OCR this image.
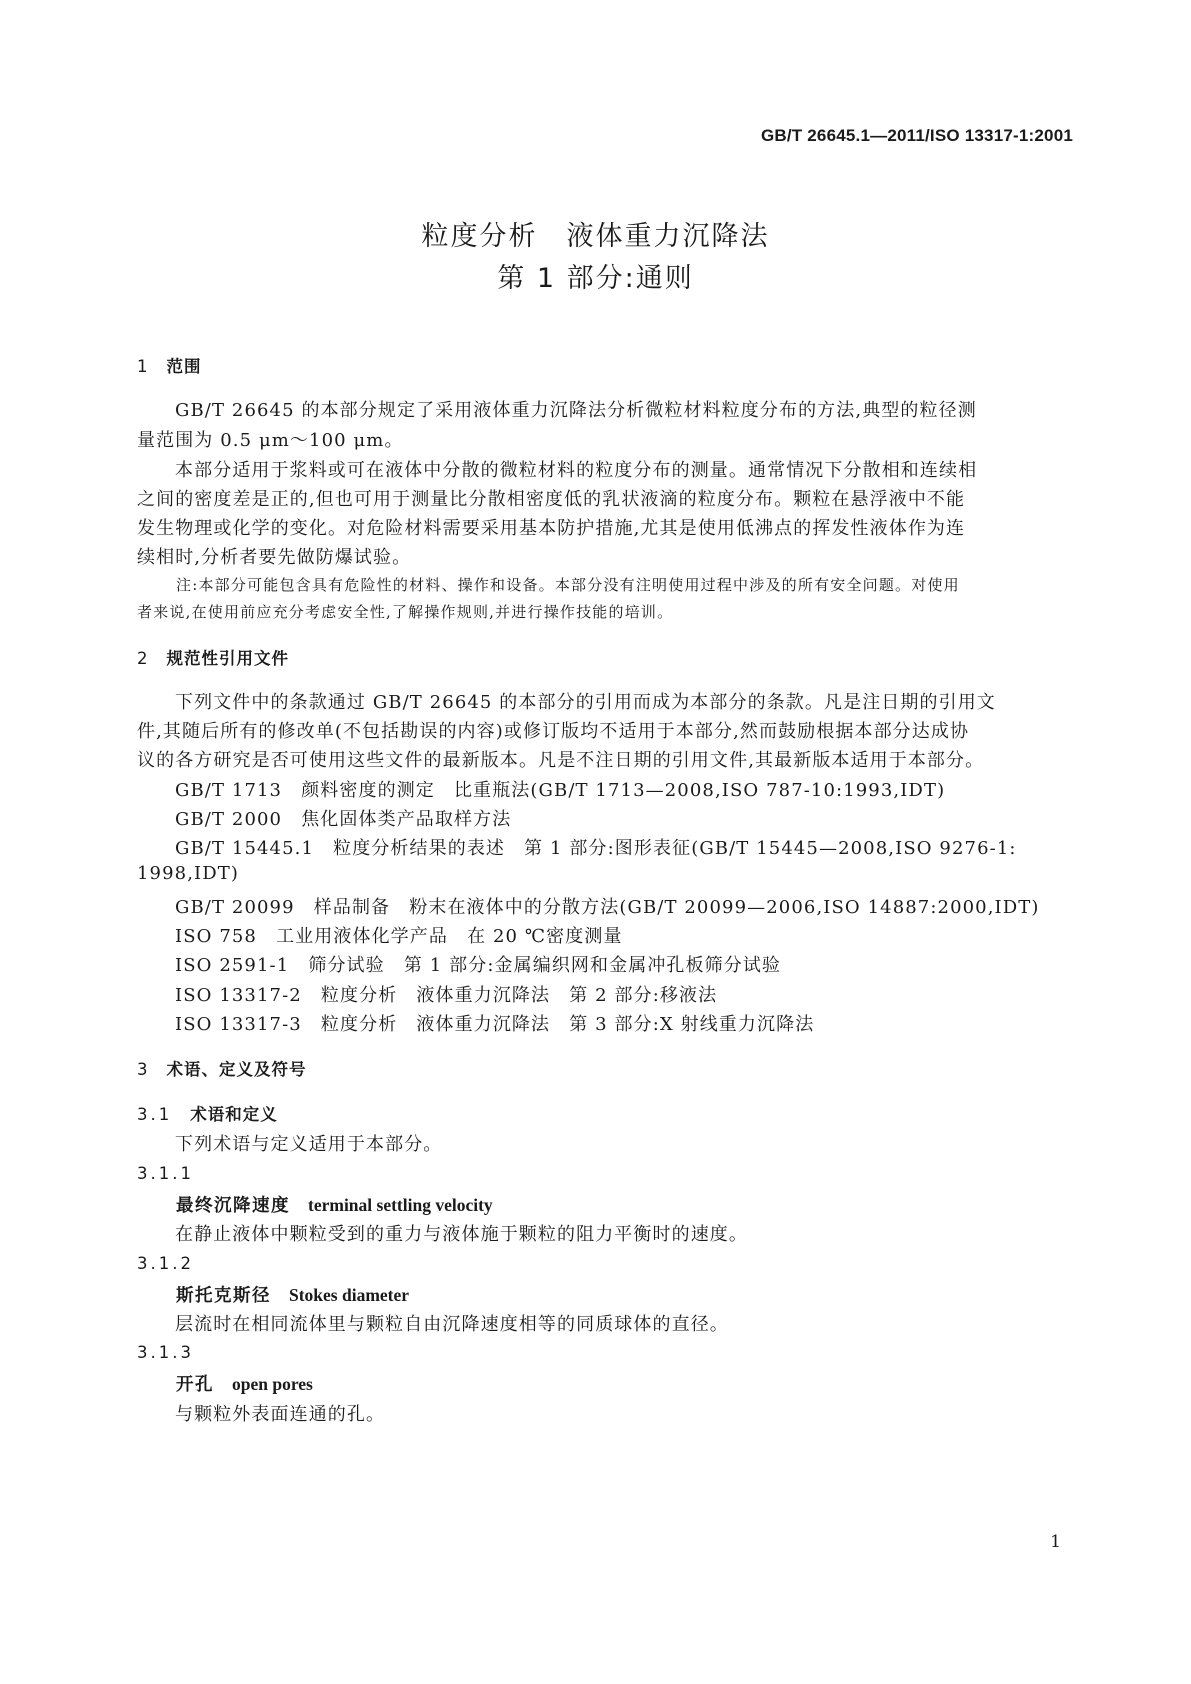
GB/T 26645.1—2011/ISO 13317-1:2001
粒度分析　液体重力沉降法
第 1 部分:通则
1 范围
GB/T 26645 的本部分规定了采用液体重力沉降法分析微粒材料粒度分布的方法,典型的粒径测
量范围为 0.5 μm～100 μm。
本部分适用于浆料或可在液体中分散的微粒材料的粒度分布的测量。通常情况下分散相和连续相
之间的密度差是正的,但也可用于测量比分散相密度低的乳状液滴的粒度分布。颗粒在悬浮液中不能
发生物理或化学的变化。对危险材料需要采用基本防护措施,尤其是使用低沸点的挥发性液体作为连
续相时,分析者要先做防爆试验。
注:本部分可能包含具有危险性的材料、操作和设备。本部分没有注明使用过程中涉及的所有安全问题。对使用
者来说,在使用前应充分考虑安全性,了解操作规则,并进行操作技能的培训。
2 规范性引用文件
下列文件中的条款通过 GB/T 26645 的本部分的引用而成为本部分的条款。凡是注日期的引用文
件,其随后所有的修改单(不包括勘误的内容)或修订版均不适用于本部分,然而鼓励根据本部分达成协
议的各方研究是否可使用这些文件的最新版本。凡是不注日期的引用文件,其最新版本适用于本部分。
GB/T 1713　颜料密度的测定　比重瓶法(GB/T 1713—2008,ISO 787-10:1993,IDT)
GB/T 2000　焦化固体类产品取样方法
GB/T 15445.1　粒度分析结果的表述　第 1 部分:图形表征(GB/T 15445—2008,ISO 9276-1:
1998,IDT)
GB/T 20099　样品制备　粉末在液体中的分散方法(GB/T 20099—2006,ISO 14887:2000,IDT)
ISO 758　工业用液体化学产品　在 20 ℃密度测量
ISO 2591-1　筛分试验　第 1 部分:金属编织网和金属冲孔板筛分试验
ISO 13317-2　粒度分析　液体重力沉降法　第 2 部分:移液法
ISO 13317-3　粒度分析　液体重力沉降法　第 3 部分:X 射线重力沉降法
3 术语、定义及符号
3.1 术语和定义
下列术语与定义适用于本部分。
3.1.1
最终沉降速度 terminal settling velocity
在静止液体中颗粒受到的重力与液体施于颗粒的阻力平衡时的速度。
3.1.2
斯托克斯径 Stokes diameter
层流时在相同流体里与颗粒自由沉降速度相等的同质球体的直径。
3.1.3
开孔 open pores
与颗粒外表面连通的孔。
1
